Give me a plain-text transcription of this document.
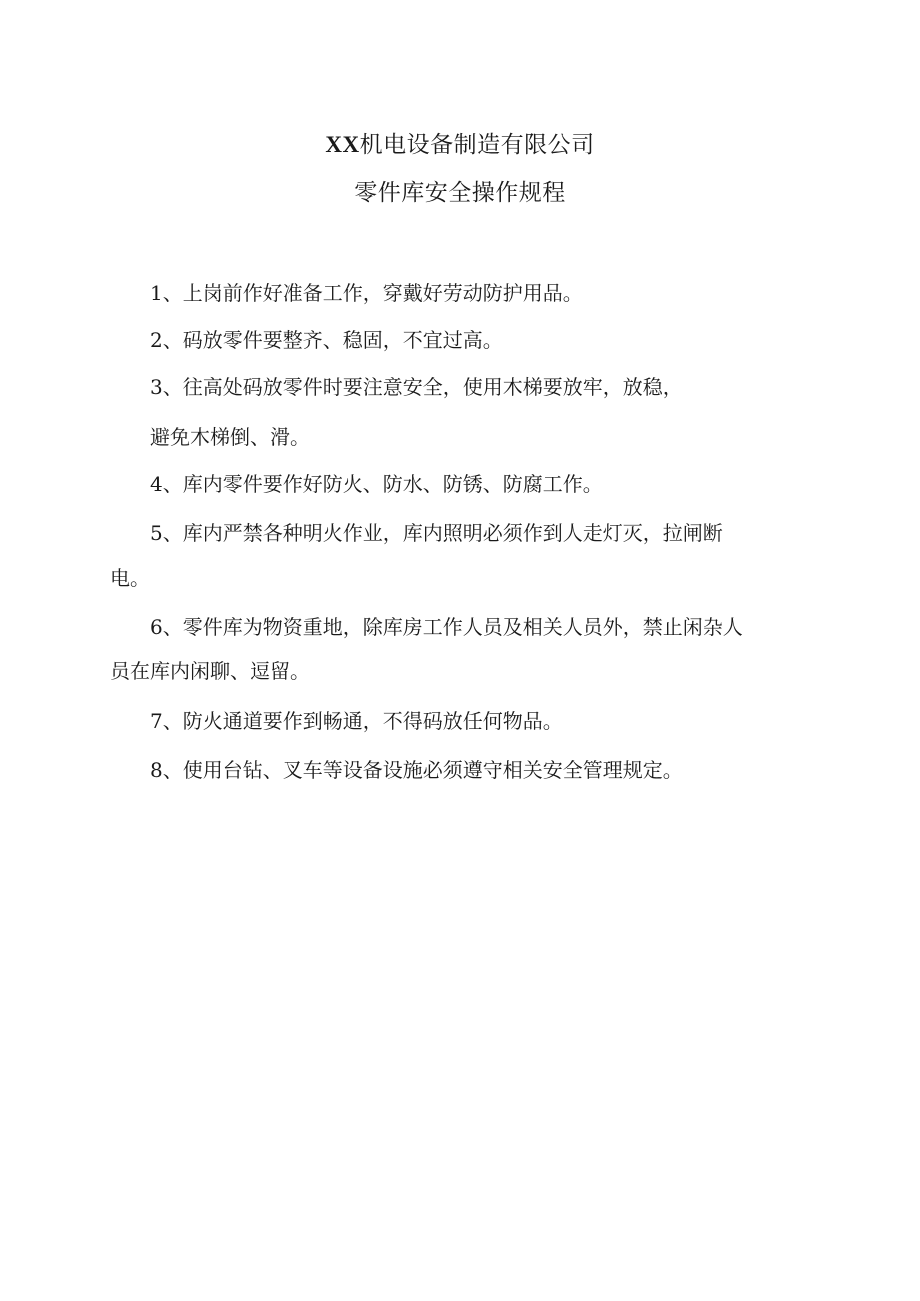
XX机电设备制造有限公司
零件库安全操作规程
1、上岗前作好准备工作，穿戴好劳动防护用品。
2、码放零件要整齐、稳固，不宜过高。
3、往高处码放零件时要注意安全，使用木梯要放牢，放稳，
避免木梯倒、滑。
4、库内零件要作好防火、防水、防锈、防腐工作。
5、库内严禁各种明火作业，库内照明必须作到人走灯灭，拉闸断
电。
6、零件库为物资重地，除库房工作人员及相关人员外，禁止闲杂人
员在库内闲聊、逗留。
7、防火通道要作到畅通，不得码放任何物品。
8、使用台钻、叉车等设备设施必须遵守相关安全管理规定。
